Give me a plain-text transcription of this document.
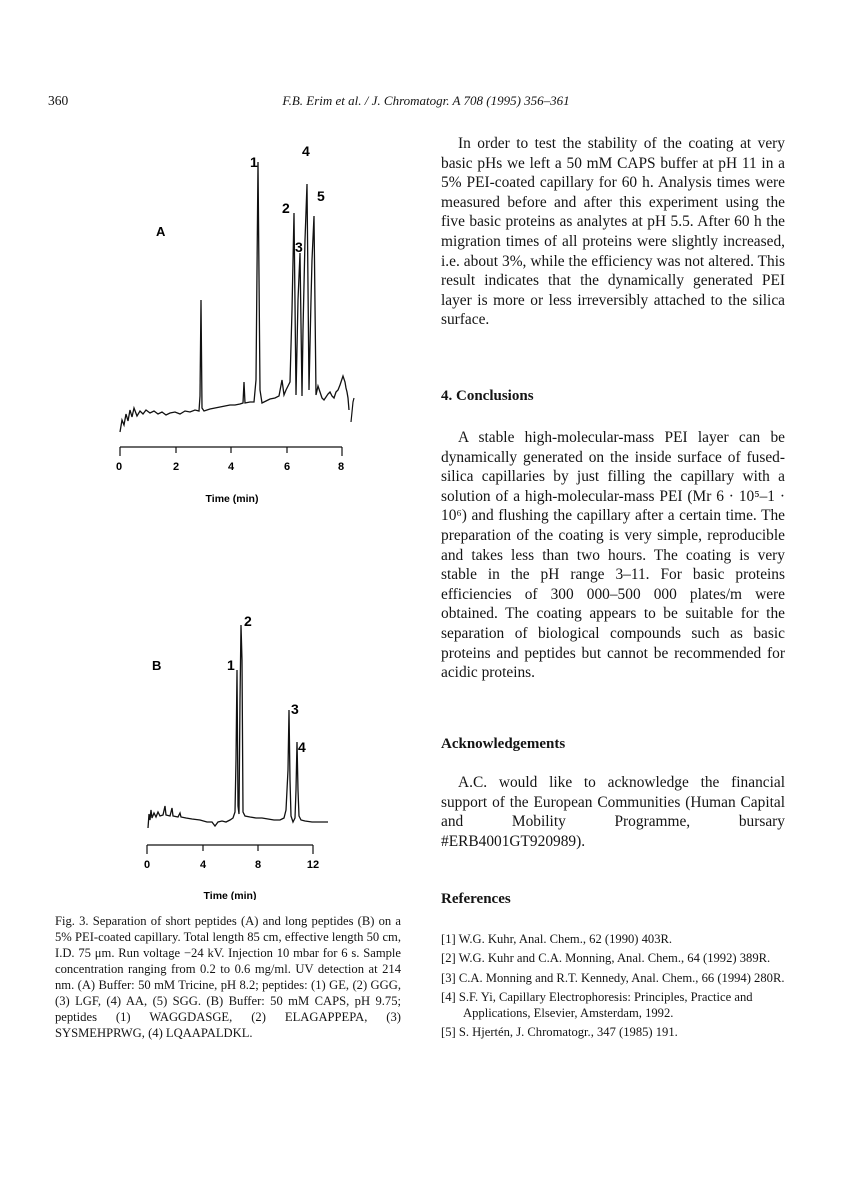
360	F.B. Erim et al. / J. Chromatogr. A 708 (1995) 356–361
0	2	4	6	8
Time (min)
A
1
2
3
4
5
0	4	8	12
Time (min)
B	1
2
3
4
Fig. 3. Separation of short peptides (A) and long peptides (B) on a 5% PEI-coated capillary. Total length 85 cm, effective length 50 cm, I.D. 75 μm. Run voltage −24 kV. Injection 10 mbar for 6 s. Sample concentration ranging from 0.2 to 0.6 mg/ml. UV detection at 214 nm. (A) Buffer: 50 mM Tricine, pH 8.2; peptides: (1) GE, (2) GGG, (3) LGF, (4) AA, (5) SGG. (B) Buffer: 50 mM CAPS, pH 9.75; peptides (1) WAGGDASGE, (2) ELAGAPPEPA, (3) SYSMEHPRWG, (4) LQAAPALDKL.
In order to test the stability of the coating at very basic pHs we left a 50 mM CAPS buffer at pH 11 in a 5% PEI-coated capillary for 60 h. Analysis times were measured before and after this experiment using the five basic proteins as analytes at pH 5.5. After 60 h the migration times of all proteins were slightly increased, i.e. about 3%, while the efficiency was not altered. This result indicates that the dynamically generated PEI layer is more or less irreversibly attached to the silica surface.
4. Conclusions
A stable high-molecular-mass PEI layer can be dynamically generated on the inside surface of fused-silica capillaries by just filling the capillary with a solution of a high-molecular-mass PEI (Mr 6 · 10⁵–1 · 10⁶) and flushing the capillary after a certain time. The preparation of the coating is very simple, reproducible and takes less than two hours. The coating is very stable in the pH range 3–11. For basic proteins efficiencies of 300 000–500 000 plates/m were obtained. The coating appears to be suitable for the separation of biological compounds such as basic proteins and peptides but cannot be recommended for acidic proteins.
Acknowledgements
A.C. would like to acknowledge the financial support of the European Communities (Human Capital and Mobility Programme, bursary #ERB4001GT920989).
References
[1] W.G. Kuhr, Anal. Chem., 62 (1990) 403R.
[2] W.G. Kuhr and C.A. Monning, Anal. Chem., 64 (1992) 389R.
[3] C.A. Monning and R.T. Kennedy, Anal. Chem., 66 (1994) 280R.
[4] S.F. Yi, Capillary Electrophoresis: Principles, Practice and Applications, Elsevier, Amsterdam, 1992.
[5] S. Hjertén, J. Chromatogr., 347 (1985) 191.
